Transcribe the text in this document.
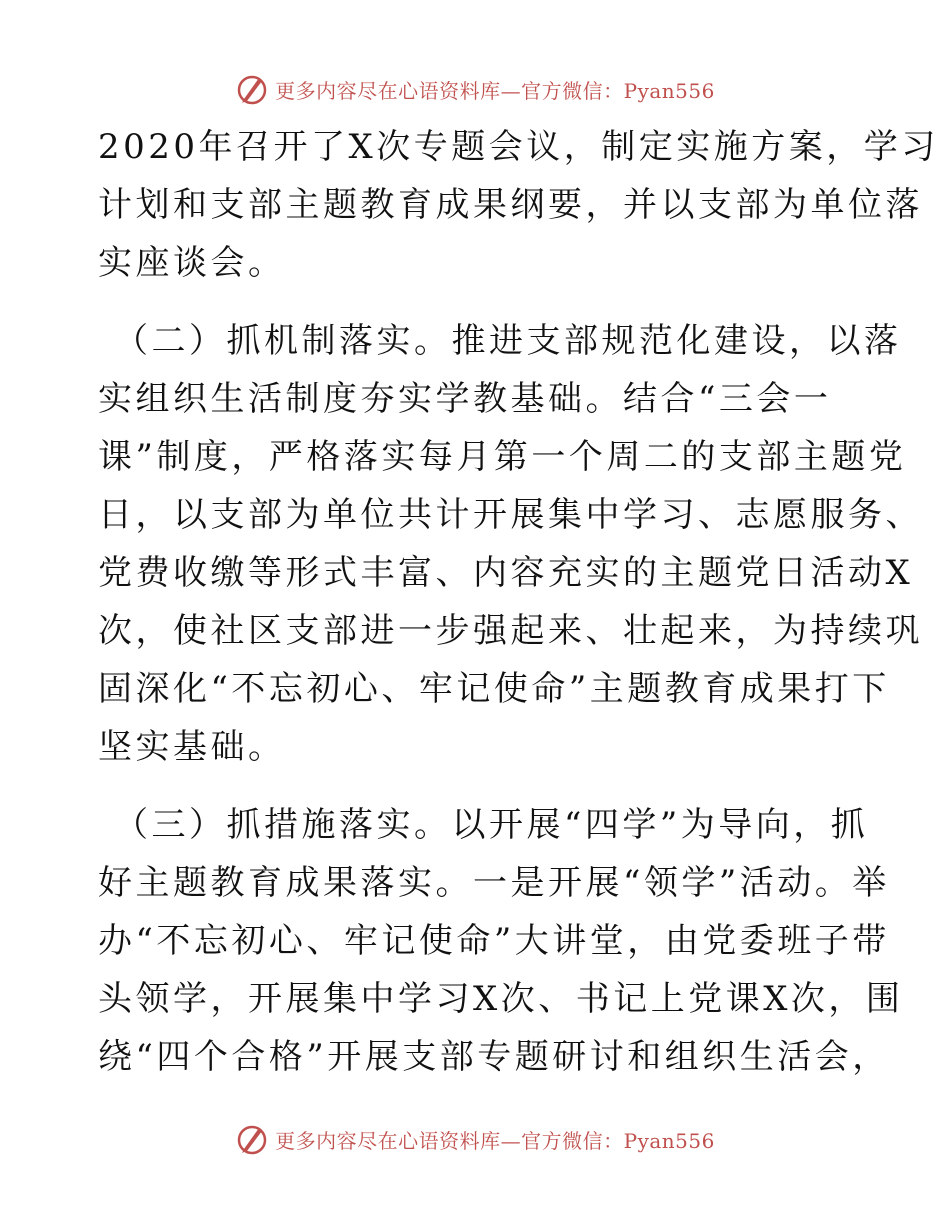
更多内容尽在心语资料库—官方微信：Pyan556
2020年召开了X次专题会议，制定实施方案，学习
计划和支部主题教育成果纲要，并以支部为单位落
实座谈会。
（二）抓机制落实。推进支部规范化建设，以落
实组织生活制度夯实学教基础。结合“三会一
课”制度，严格落实每月第一个周二的支部主题党
日，以支部为单位共计开展集中学习、志愿服务、
党费收缴等形式丰富、内容充实的主题党日活动X
次，使社区支部进一步强起来、壮起来，为持续巩
固深化“不忘初心、牢记使命”主题教育成果打下
坚实基础。
（三）抓措施落实。以开展“四学”为导向，抓
好主题教育成果落实。一是开展“领学”活动。举
办“不忘初心、牢记使命”大讲堂，由党委班子带
头领学，开展集中学习X次、书记上党课X次，围
绕“四个合格”开展支部专题研讨和组织生活会，
更多内容尽在心语资料库—官方微信：Pyan556
